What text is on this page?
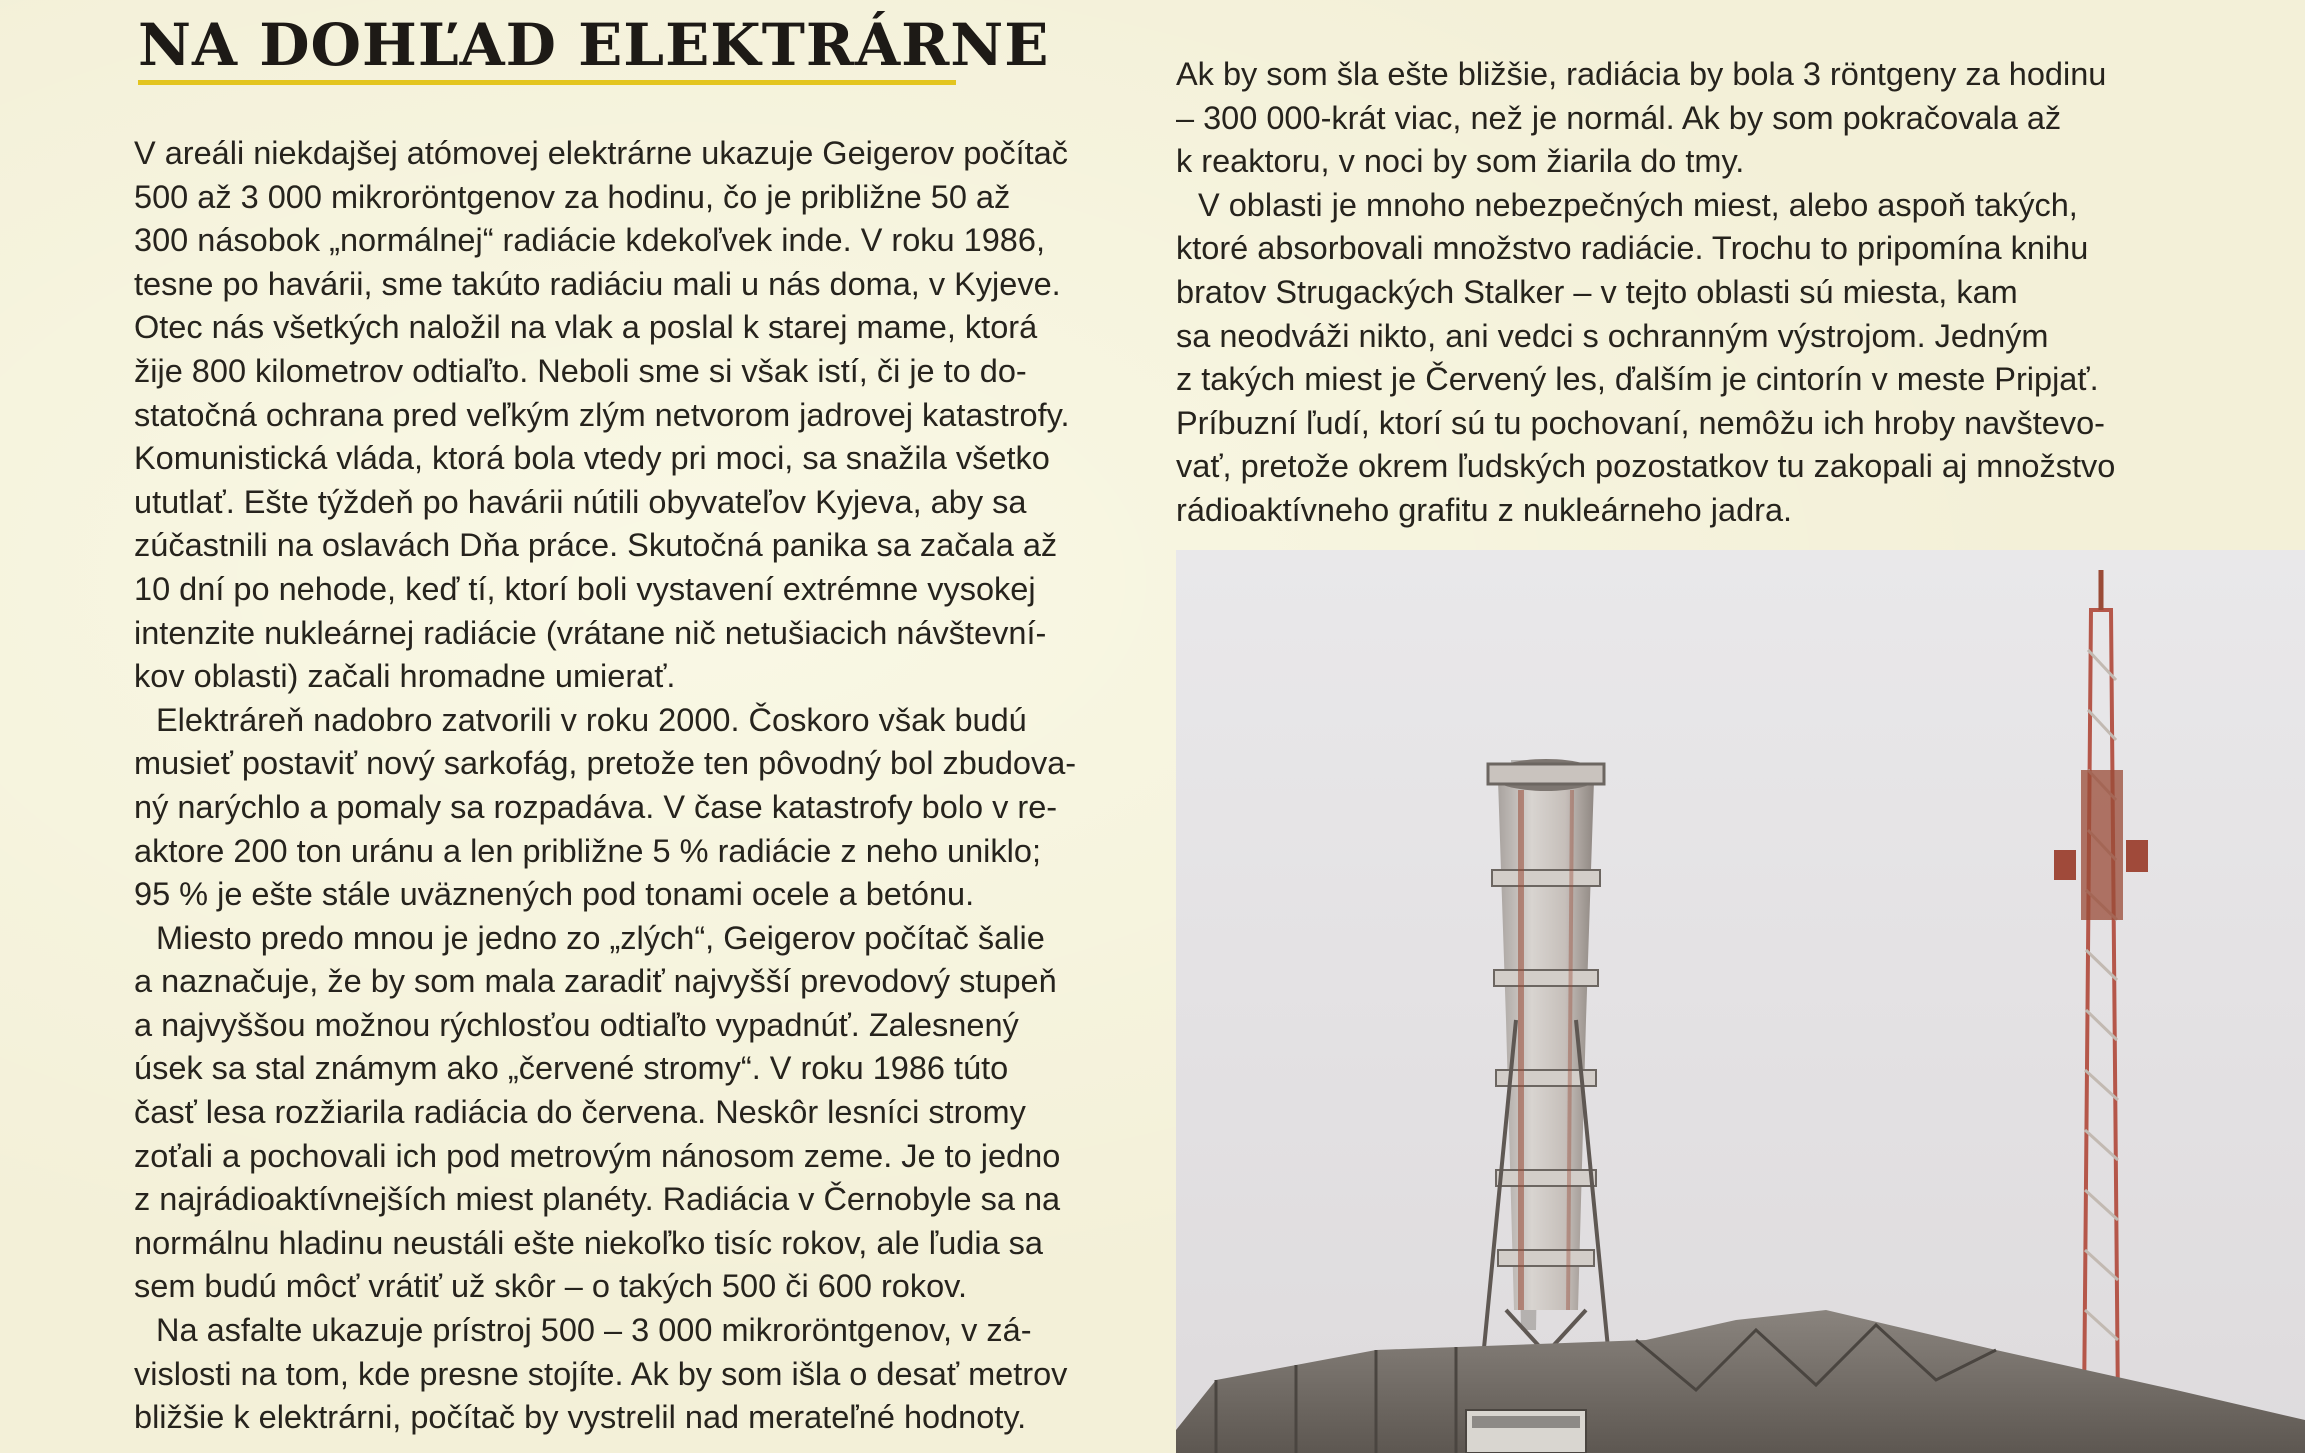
NA DOHĽAD ELEKTRÁRNE

V areáli niekdajšej atómovej elektrárne ukazuje Geigerov počítač
500 až 3 000 mikroröntgenov za hodinu, čo je približne 50 až
300 násobok „normálnej“ radiácie kdekoľvek inde. V roku 1986,
tesne po havárii, sme takúto radiáciu mali u nás doma, v Kyjeve.
Otec nás všetkých naložil na vlak a poslal k starej mame, ktorá
žije 800 kilometrov odtiaľto. Neboli sme si však istí, či je to do-
statočná ochrana pred veľkým zlým netvorom jadrovej katastrofy.
Komunistická vláda, ktorá bola vtedy pri moci, sa snažila všetko
ututlať. Ešte týždeň po havárii nútili obyvateľov Kyjeva, aby sa
zúčastnili na oslavách Dňa práce. Skutočná panika sa začala až
10 dní po nehode, keď tí, ktorí boli vystavení extrémne vysokej
intenzite nukleárnej radiácie (vrátane nič netušiacich návštevní-
kov oblasti) začali hromadne umierať.

Elektráreň nadobro zatvorili v roku 2000. Čoskoro však budú
musieť postaviť nový sarkofág, pretože ten pôvodný bol zbudova-
ný narýchlo a pomaly sa rozpadáva. V čase katastrofy bolo v re-
aktore 200 ton uránu a len približne 5 % radiácie z neho uniklo;
95 % je ešte stále uväznených pod tonami ocele a betónu.

Miesto predo mnou je jedno zo „zlých“, Geigerov počítač šalie
a naznačuje, že by som mala zaradiť najvyšší prevodový stupeň
a najvyššou možnou rýchlosťou odtiaľto vypadnúť. Zalesnený
úsek sa stal známym ako „červené stromy“. V roku 1986 túto
časť lesa rozžiarila radiácia do červena. Neskôr lesníci stromy
zoťali a pochovali ich pod metrovým nánosom zeme. Je to jedno
z najrádioaktívnejších miest planéty. Radiácia v Černobyle sa na
normálnu hladinu neustáli ešte niekoľko tisíc rokov, ale ľudia sa
sem budú môcť vrátiť už skôr – o takých 500 či 600 rokov.

Na asfalte ukazuje prístroj 500 – 3 000 mikroröntgenov, v zá-
vislosti na tom, kde presne stojíte. Ak by som išla o desať metrov
bližšie k elektrárni, počítač by vystrelil nad merateľné hodnoty.

Ak by som šla ešte bližšie, radiácia by bola 3 röntgeny za hodinu
– 300 000-krát viac, než je normál. Ak by som pokračovala až
k reaktoru, v noci by som žiarila do tmy.

V oblasti je mnoho nebezpečných miest, alebo aspoň takých,
ktoré absorbovali množstvo radiácie. Trochu to pripomína knihu
bratov Strugackých Stalker – v tejto oblasti sú miesta, kam
sa neodváži nikto, ani vedci s ochranným výstrojom. Jedným
z takých miest je Červený les, ďalším je cintorín v meste Pripjať.
Príbuzní ľudí, ktorí sú tu pochovaní, nemôžu ich hroby navštevo-
vať, pretože okrem ľudských pozostatkov tu zakopali aj množstvo
rádioaktívneho grafitu z nukleárneho jadra.
